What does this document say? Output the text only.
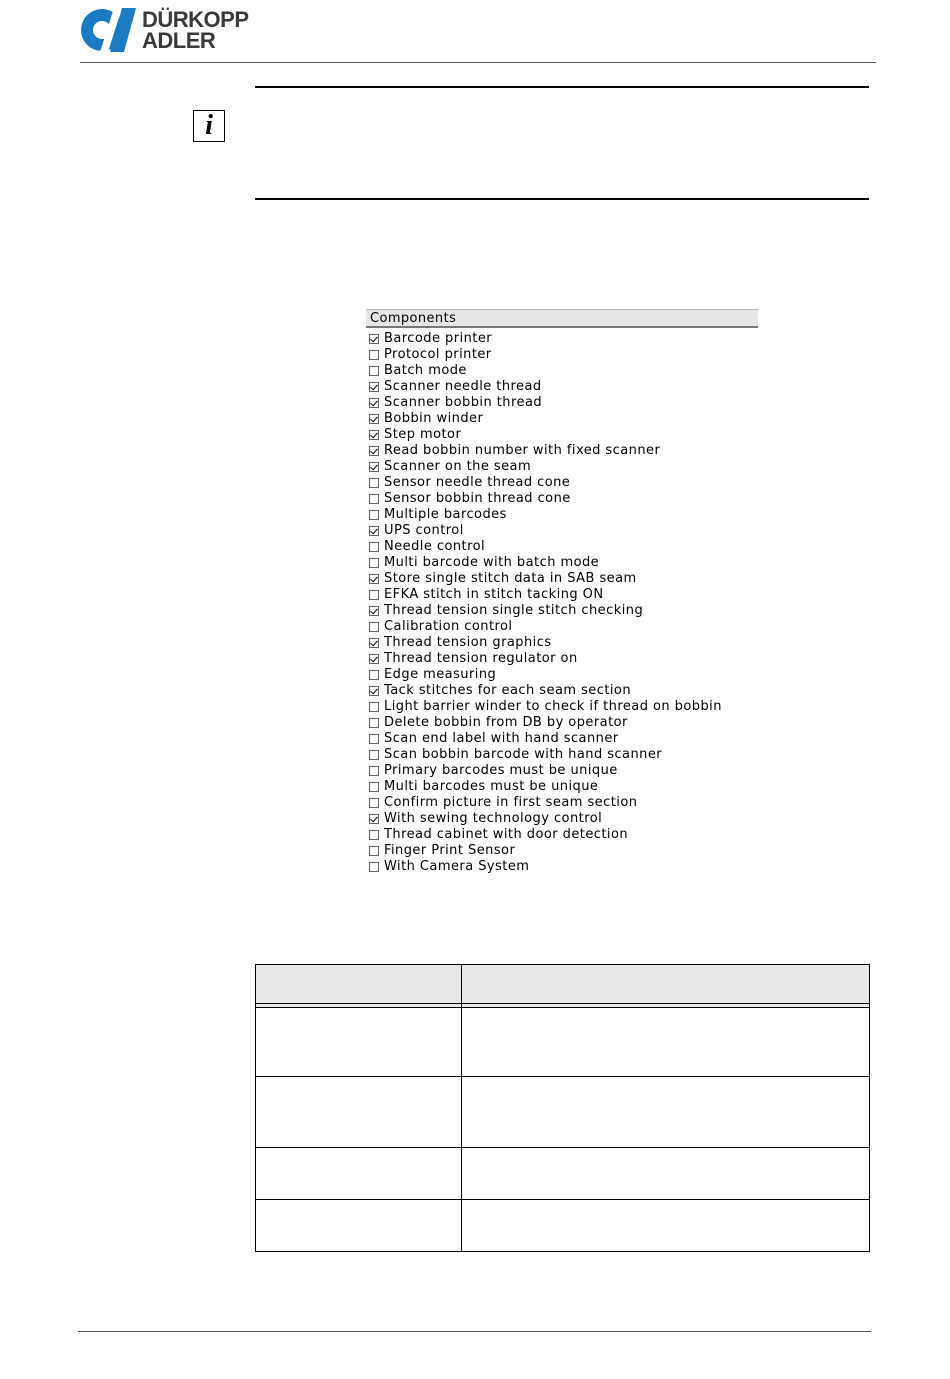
DÜRKOPP
ADLER
i
Components
Barcode printer
Protocol printer
Batch mode
Scanner needle thread
Scanner bobbin thread
Bobbin winder
Step motor
Read bobbin number with fixed scanner
Scanner on the seam
Sensor needle thread cone
Sensor bobbin thread cone
Multiple barcodes
UPS control
Needle control
Multi barcode with batch mode
Store single stitch data in SAB seam
EFKA stitch in stitch tacking ON
Thread tension single stitch checking
Calibration control
Thread tension graphics
Thread tension regulator on
Edge measuring
Tack stitches for each seam section
Light barrier winder to check if thread on bobbin
Delete bobbin from DB by operator
Scan end label with hand scanner
Scan bobbin barcode with hand scanner
Primary barcodes must be unique
Multi barcodes must be unique
Confirm picture in first seam section
With sewing technology control
Thread cabinet with door detection
Finger Print Sensor
With Camera System
